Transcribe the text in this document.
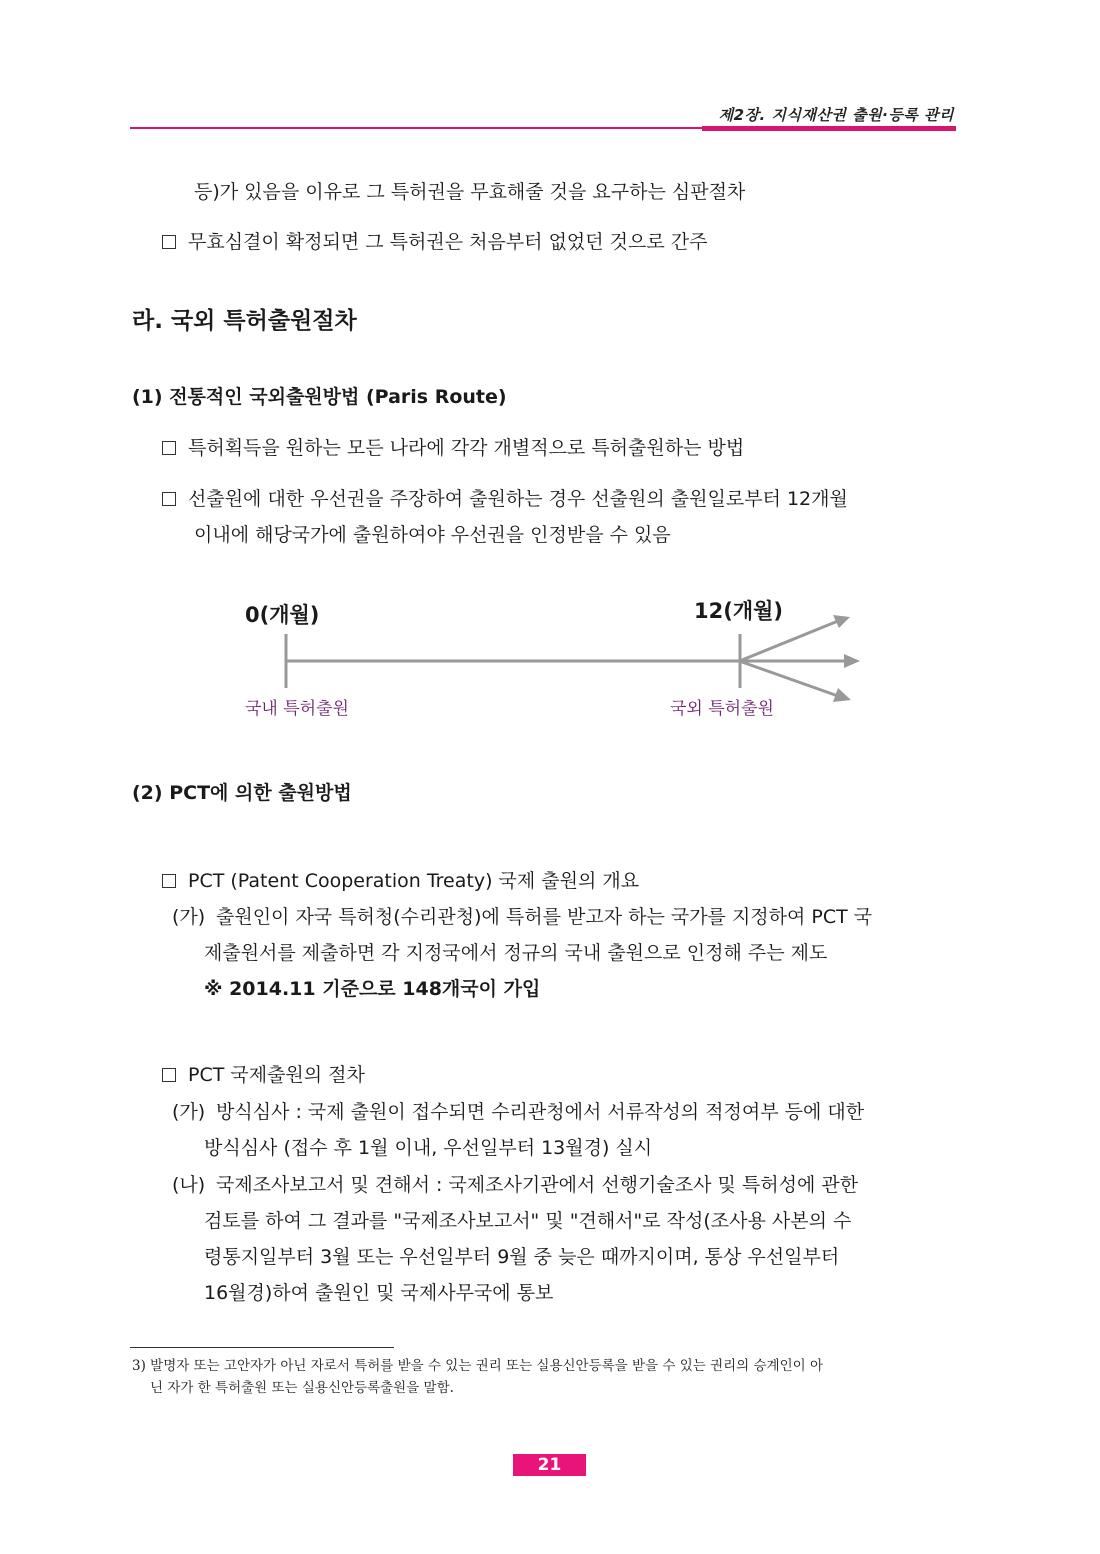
제2장. 지식재산권 출원·등록 관리
등)가 있음을 이유로 그 특허권을 무효해줄 것을 요구하는 심판절차
무효심결이 확정되면 그 특허권은 처음부터 없었던 것으로 간주
라. 국외 특허출원절차
(1) 전통적인 국외출원방법 (Paris Route)
특허획득을 원하는 모든 나라에 각각 개별적으로 특허출원하는 방법
선출원에 대한 우선권을 주장하여 출원하는 경우 선출원의 출원일로부터 12개월
이내에 해당국가에 출원하여야 우선권을 인정받을 수 있음
0(개월)	12(개월)
국내 특허출원	국외 특허출원
(2) PCT에 의한 출원방법
PCT (Patent Cooperation Treaty) 국제 출원의 개요
(가) 출원인이 자국 특허청(수리관청)에 특허를 받고자 하는 국가를 지정하여 PCT 국
제출원서를 제출하면 각 지정국에서 정규의 국내 출원으로 인정해 주는 제도
※ 2014.11 기준으로 148개국이 가입
PCT 국제출원의 절차
(가) 방식심사 : 국제 출원이 접수되면 수리관청에서 서류작성의 적정여부 등에 대한
방식심사 (접수 후 1월 이내, 우선일부터 13월경) 실시
(나) 국제조사보고서 및 견해서 : 국제조사기관에서 선행기술조사 및 특허성에 관한
검토를 하여 그 결과를 "국제조사보고서" 및 "견해서"로 작성(조사용 사본의 수
령통지일부터 3월 또는 우선일부터 9월 중 늦은 때까지이며, 통상 우선일부터
16월경)하여 출원인 및 국제사무국에 통보
3) 발명자 또는 고안자가 아닌 자로서 특허를 받을 수 있는 권리 또는 실용신안등록을 받을 수 있는 권리의 승계인이 아
닌 자가 한 특허출원 또는 실용신안등록출원을 말함.
21
